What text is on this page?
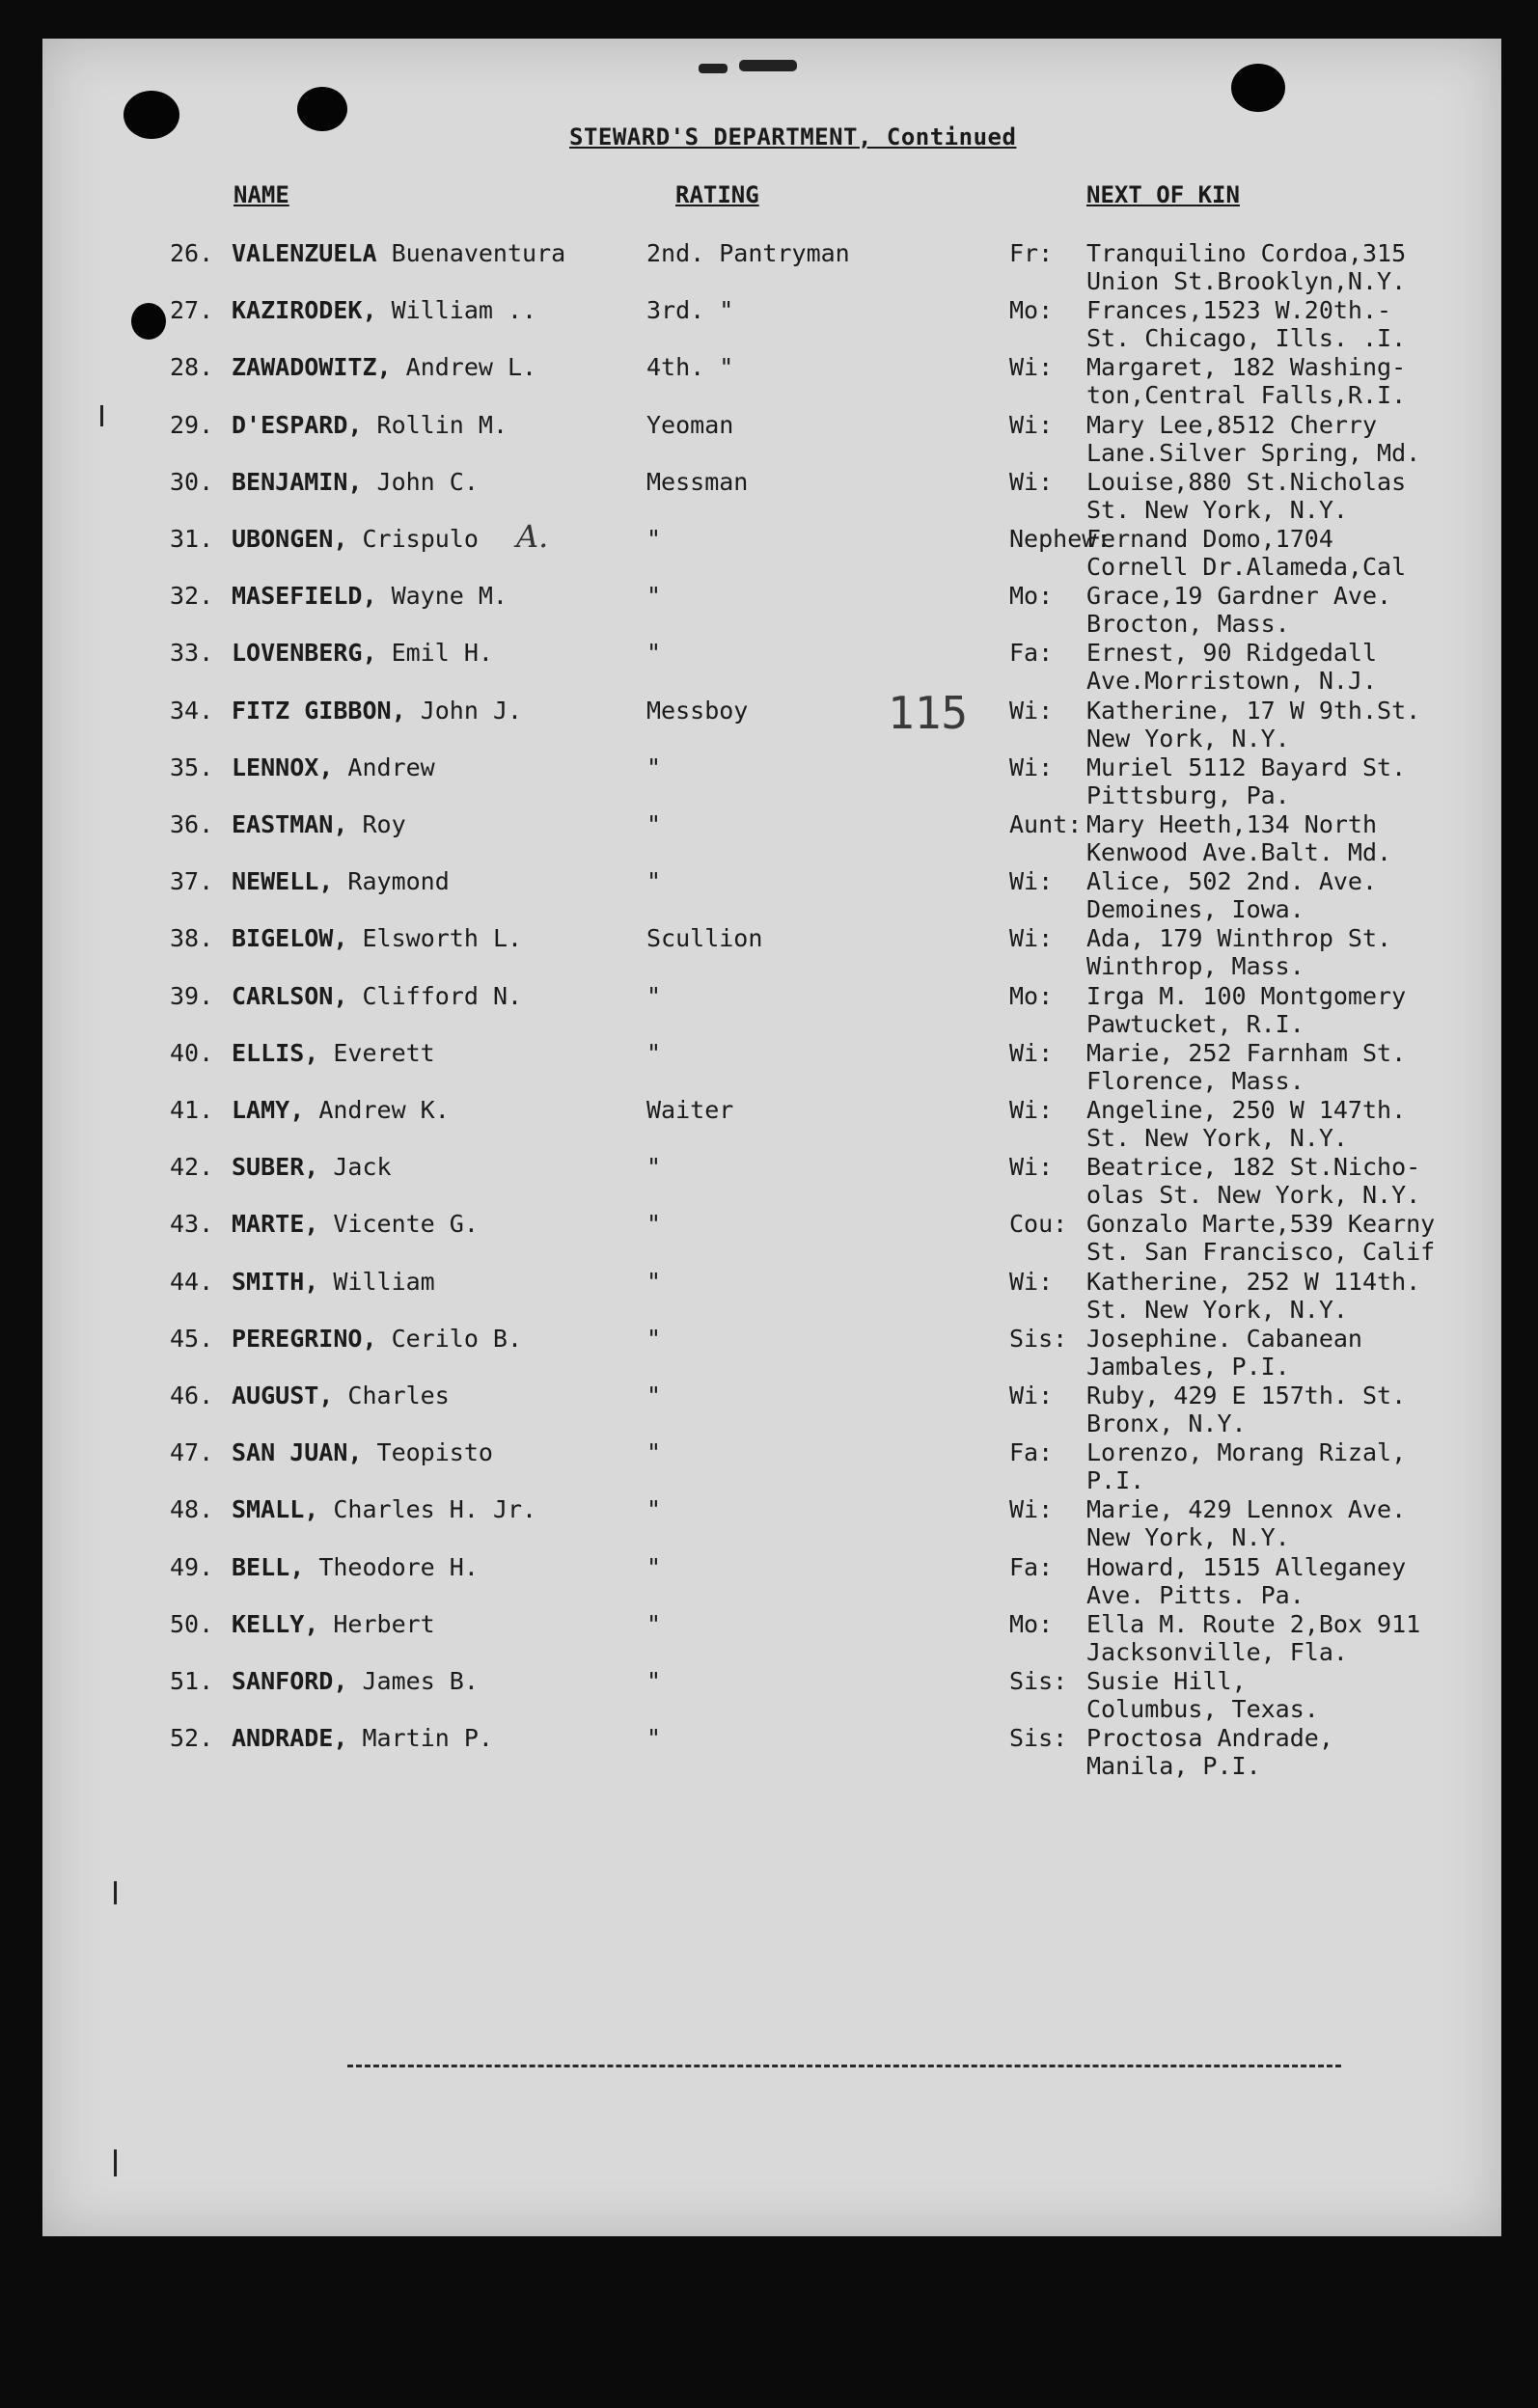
STEWARD'S DEPARTMENT, Continued
NAME	RATING	NEXT OF KIN
115
A.
26. VALENZUELA Buenaventura	2nd. Pantryman	Fr:	Tranquilino Cordoa,315
Union St.Brooklyn,N.Y.
27. KAZIRODEK, William ..	3rd. "	Mo:	Frances,1523 W.20th.-
St. Chicago, Ills. .I.
28. ZAWADOWITZ, Andrew L.	4th. "	Wi:	Margaret, 182 Washing-
ton,Central Falls,R.I.
29. D'ESPARD, Rollin M.	Yeoman	Wi:	Mary Lee,8512 Cherry
Lane.Silver Spring, Md.
30. BENJAMIN, John C.	Messman	Wi:	Louise,880 St.Nicholas
St. New York, N.Y.
31. UBONGEN, Crispulo	"	Nephew:
Fernand Domo,1704
Cornell Dr.Alameda,Cal
32. MASEFIELD, Wayne M.	"	Mo:	Grace,19 Gardner Ave.
Brocton, Mass.
33. LOVENBERG, Emil H.	"	Fa:	Ernest, 90 Ridgedall
Ave.Morristown, N.J.
34. FITZ GIBBON, John J.	Messboy	Wi:	Katherine, 17 W 9th.St.
New York, N.Y.
35. LENNOX, Andrew	"	Wi:	Muriel 5112 Bayard St.
Pittsburg, Pa.
36. EASTMAN, Roy	"	Aunt: Mary Heeth,134 North
Kenwood Ave.Balt. Md.
37. NEWELL, Raymond	"	Wi:	Alice, 502 2nd. Ave.
Demoines, Iowa.
38. BIGELOW, Elsworth L.	Scullion	Wi:	Ada, 179 Winthrop St.
Winthrop, Mass.
39. CARLSON, Clifford N.	"	Mo:	Irga M. 100 Montgomery
Pawtucket, R.I.
40. ELLIS, Everett	"	Wi:	Marie, 252 Farnham St.
Florence, Mass.
41. LAMY, Andrew K.	Waiter	Wi:	Angeline, 250 W 147th.
St. New York, N.Y.
42. SUBER, Jack	"	Wi:	Beatrice, 182 St.Nicho-
olas St. New York, N.Y.
43. MARTE, Vicente G.	"	Cou: Gonzalo Marte,539 Kearny
St. San Francisco, Calif
44. SMITH, William	"	Wi:	Katherine, 252 W 114th.
St. New York, N.Y.
45. PEREGRINO, Cerilo B.	"	Sis: Josephine. Cabanean
Jambales, P.I.
46. AUGUST, Charles	"	Wi:	Ruby, 429 E 157th. St.
Bronx, N.Y.
47. SAN JUAN, Teopisto	"	Fa:	Lorenzo, Morang Rizal,
P.I.
48. SMALL, Charles H. Jr.	"	Wi:	Marie, 429 Lennox Ave.
New York, N.Y.
49. BELL, Theodore H.	"	Fa:	Howard, 1515 Alleganey
Ave. Pitts. Pa.
50. KELLY, Herbert	"	Mo:	Ella M. Route 2,Box 911
Jacksonville, Fla.
51. SANFORD, James B.	"	Sis: Susie Hill,
Columbus, Texas.
52. ANDRADE, Martin P.	"	Sis: Proctosa Andrade,
Manila, P.I.
